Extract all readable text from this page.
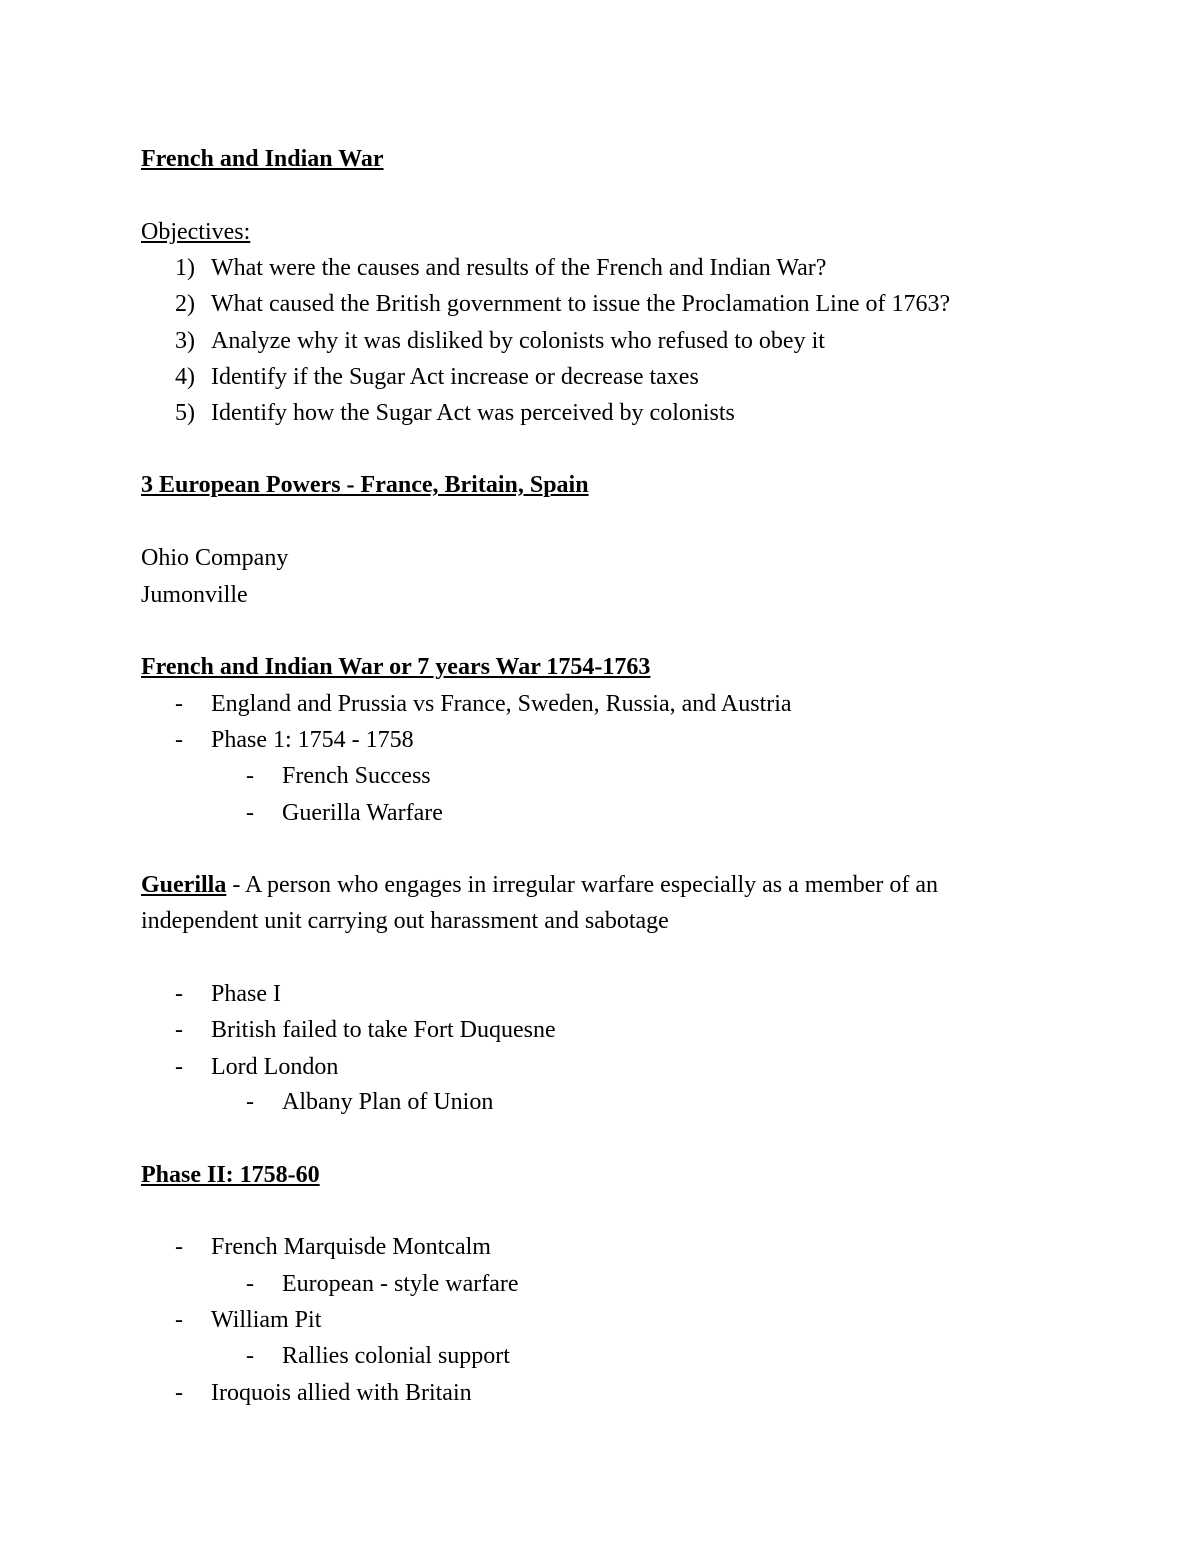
French and Indian War
Objectives:
1) What were the causes and results of the French and Indian War?
2) What caused the British government to issue the Proclamation Line of 1763?
3) Analyze why it was disliked by colonists who refused to obey it
4) Identify if the Sugar Act increase or decrease taxes
5) Identify how the Sugar Act was perceived by colonists
3 European Powers - France, Britain, Spain
Ohio Company
Jumonville
French and Indian War or 7 years War 1754-1763
- England and Prussia vs France, Sweden, Russia, and Austria
- Phase 1: 1754 - 1758
- French Success
- Guerilla Warfare
Guerilla - A person who engages in irregular warfare especially as a member of an
independent unit carrying out harassment and sabotage
- Phase I
- British failed to take Fort Duquesne
- Lord London
- Albany Plan of Union
Phase II: 1758-60
- French Marquisde Montcalm
- European - style warfare
- William Pit
- Rallies colonial support
- Iroquois allied with Britain
